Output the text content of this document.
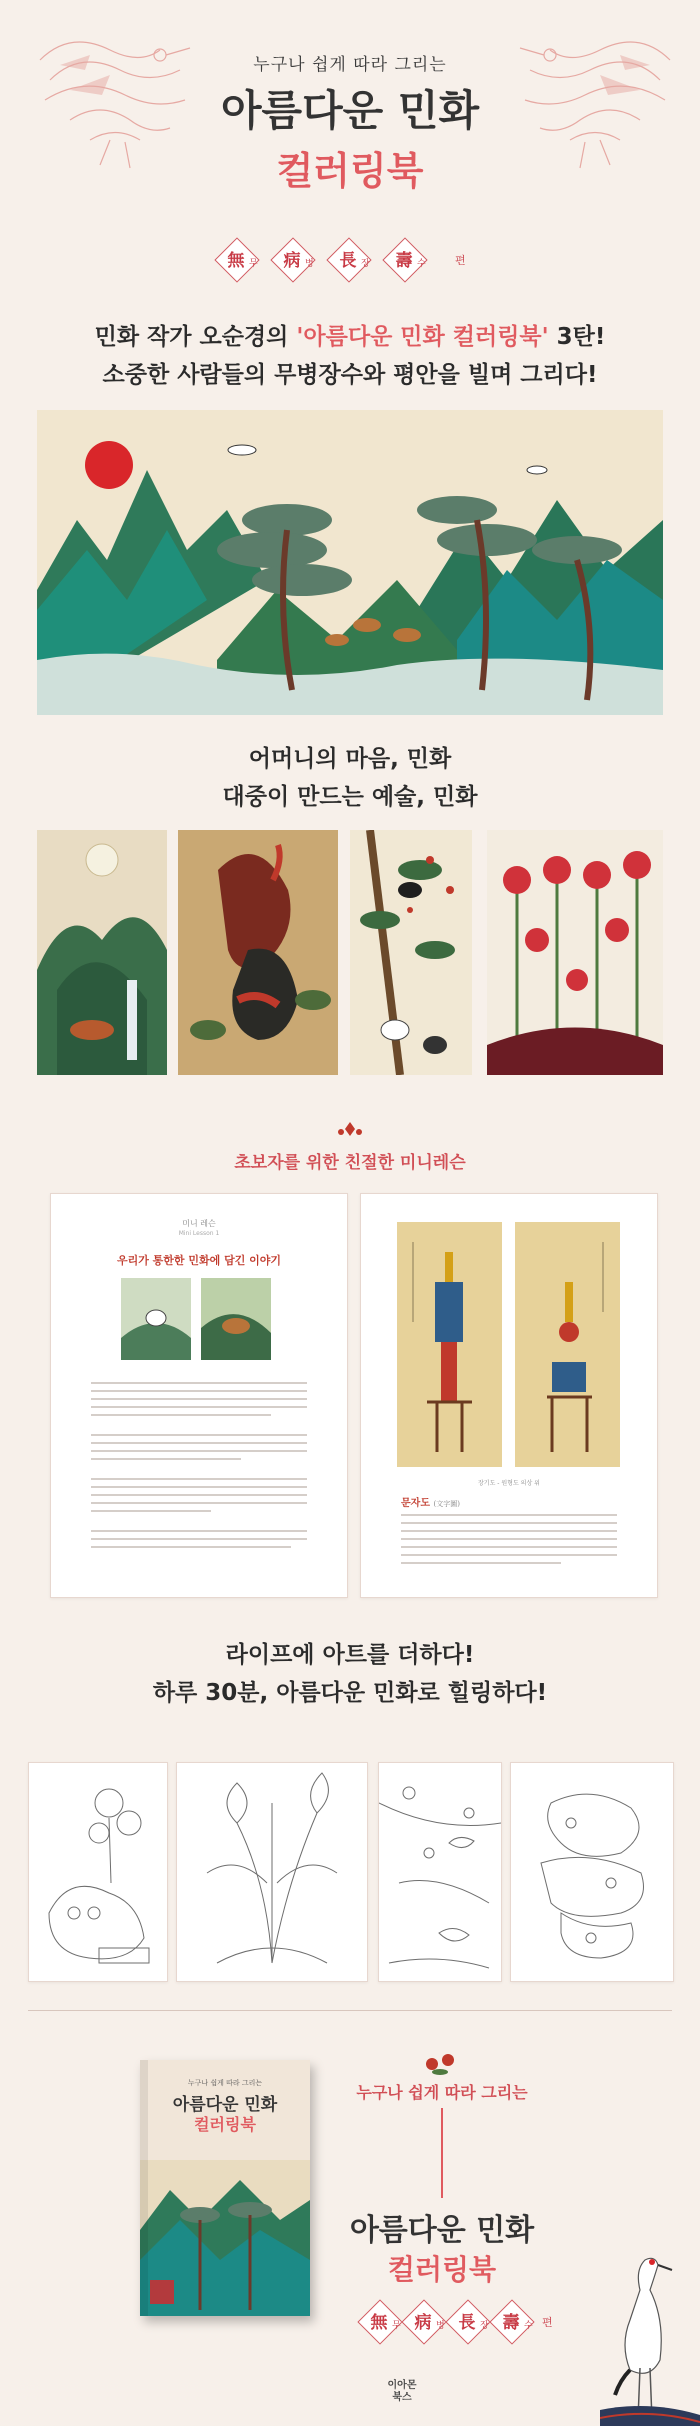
누구나 쉽게 따라 그리는
아름다운 민화
컬러링북
無 무	病 병	長 장	壽 수	편
민화 작가 오순경의 '아름다운 민화 컬러링북' 3탄!
소중한 사람들의 무병장수와 평안을 빌며 그리다!
어머니의 마음, 민화
대중이 만드는 예술, 민화
초보자를 위한 친절한 미니레슨
미니 레슨
Mini Lesson 1
우리가 통한한 민화에 담긴 이야기
장기도 - 원형도 의상 위
문자도 (文字圖)
라이프에 아트를 더하다!
하루 30분, 아름다운 민화로 힐링하다!
누구나 쉽게 따라 그리는
아름다운 민화
컬러링북
누구나 쉽게 따라 그리는
아름다운 민화
컬러링북
無 무 病 병 長 장 壽 수 편
이아몬
북스
